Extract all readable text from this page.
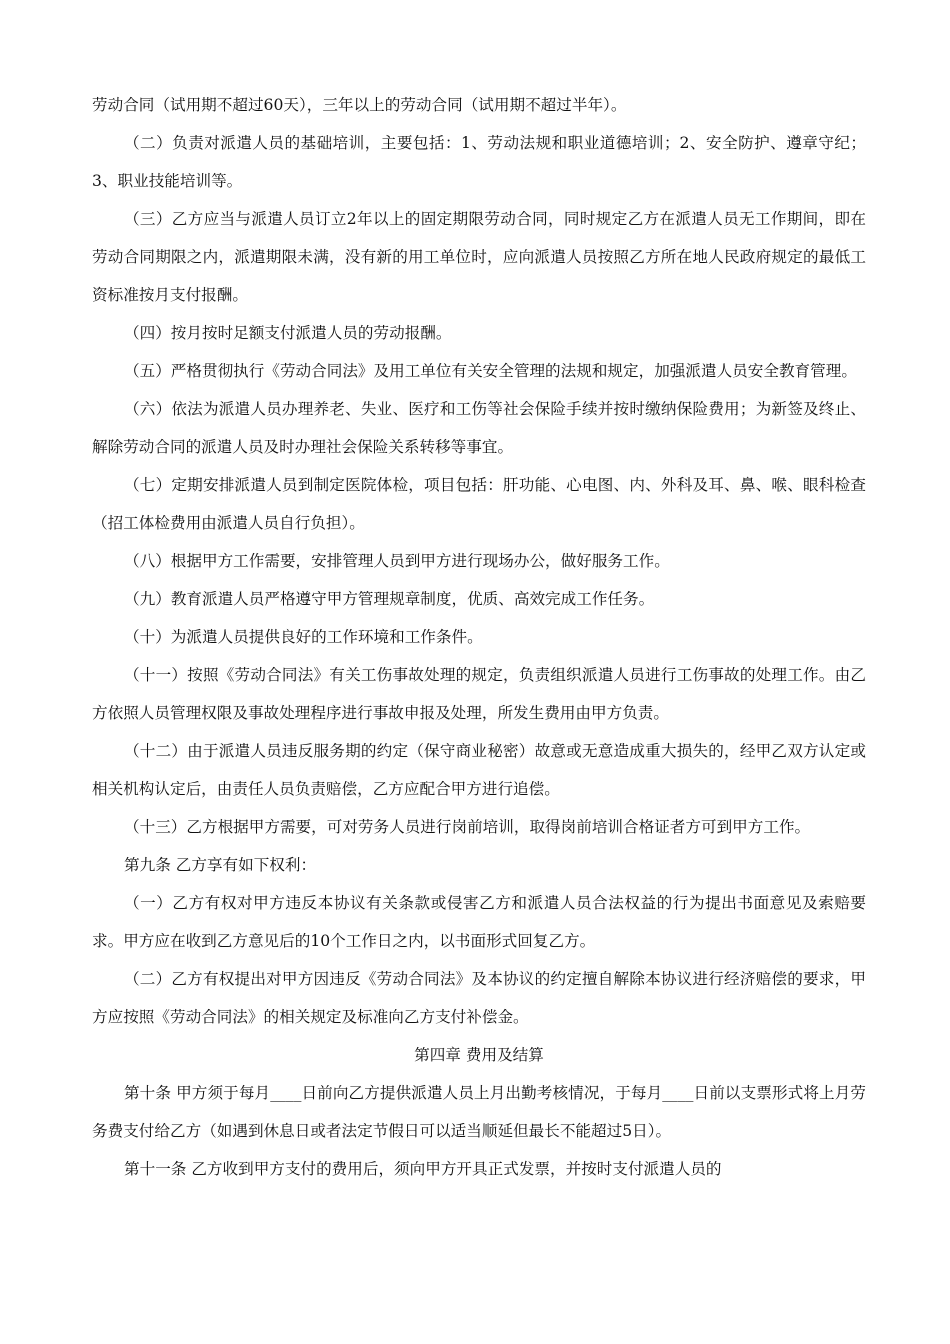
劳动合同（试用期不超过60天），三年以上的劳动合同（试用期不超过半年）。

（二）负责对派遣人员的基础培训，主要包括：1、劳动法规和职业道德培训；2、安全防护、遵章守纪；3、职业技能培训等。

（三）乙方应当与派遣人员订立2年以上的固定期限劳动合同，同时规定乙方在派遣人员无工作期间，即在劳动合同期限之内，派遣期限未满，没有新的用工单位时，应向派遣人员按照乙方所在地人民政府规定的最低工资标准按月支付报酬。

（四）按月按时足额支付派遣人员的劳动报酬。

（五）严格贯彻执行《劳动合同法》及用工单位有关安全管理的法规和规定，加强派遣人员安全教育管理。

（六）依法为派遣人员办理养老、失业、医疗和工伤等社会保险手续并按时缴纳保险费用；为新签及终止、解除劳动合同的派遣人员及时办理社会保险关系转移等事宜。

（七）定期安排派遣人员到制定医院体检，项目包括：肝功能、心电图、内、外科及耳、鼻、喉、眼科检查（招工体检费用由派遣人员自行负担）。

（八）根据甲方工作需要，安排管理人员到甲方进行现场办公，做好服务工作。

（九）教育派遣人员严格遵守甲方管理规章制度，优质、高效完成工作任务。

（十）为派遣人员提供良好的工作环境和工作条件。

（十一）按照《劳动合同法》有关工伤事故处理的规定，负责组织派遣人员进行工伤事故的处理工作。由乙方依照人员管理权限及事故处理程序进行事故申报及处理，所发生费用由甲方负责。

（十二）由于派遣人员违反服务期的约定（保守商业秘密）故意或无意造成重大损失的，经甲乙双方认定或相关机构认定后，由责任人员负责赔偿，乙方应配合甲方进行追偿。

（十三）乙方根据甲方需要，可对劳务人员进行岗前培训，取得岗前培训合格证者方可到甲方工作。

第九条 乙方享有如下权利：

（一）乙方有权对甲方违反本协议有关条款或侵害乙方和派遣人员合法权益的行为提出书面意见及索赔要求。甲方应在收到乙方意见后的10个工作日之内，以书面形式回复乙方。

（二）乙方有权提出对甲方因违反《劳动合同法》及本协议的约定擅自解除本协议进行经济赔偿的要求，甲方应按照《劳动合同法》的相关规定及标准向乙方支付补偿金。

第四章 费用及结算

第十条 甲方须于每月____日前向乙方提供派遣人员上月出勤考核情况，于每月____日前以支票形式将上月劳务费支付给乙方（如遇到休息日或者法定节假日可以适当顺延但最长不能超过5日）。

第十一条 乙方收到甲方支付的费用后，须向甲方开具正式发票，并按时支付派遣人员的
